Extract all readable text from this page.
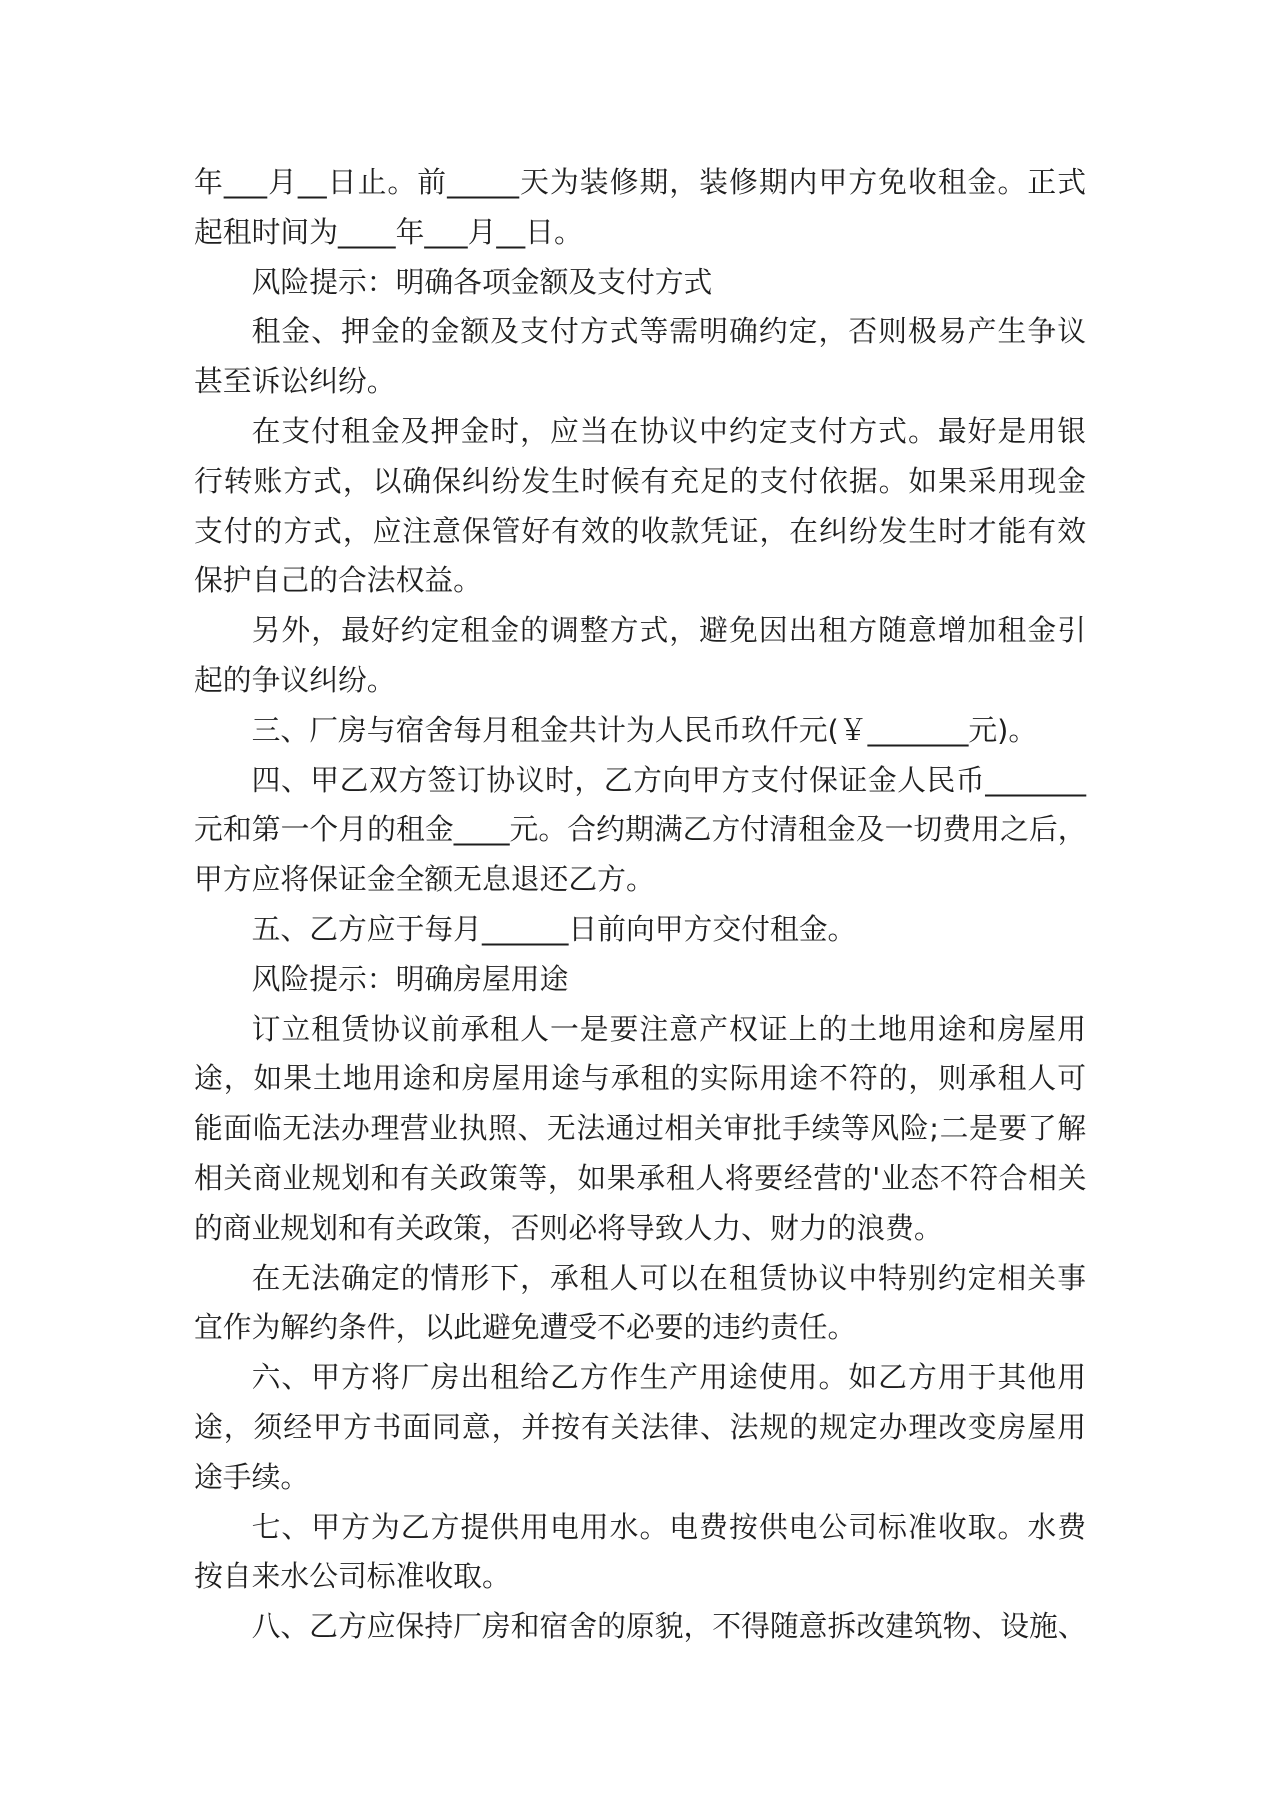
年___月__日止。前_____天为装修期，装修期内甲方免收租金。正式
起租时间为____年___月__日。
风险提示：明确各项金额及支付方式
租金、押金的金额及支付方式等需明确约定，否则极易产生争议
甚至诉讼纠纷。
在支付租金及押金时，应当在协议中约定支付方式。最好是用银
行转账方式，以确保纠纷发生时候有充足的支付依据。如果采用现金
支付的方式，应注意保管好有效的收款凭证，在纠纷发生时才能有效
保护自己的合法权益。
另外，最好约定租金的调整方式，避免因出租方随意增加租金引
起的争议纠纷。
三、厂房与宿舍每月租金共计为人民币玖仟元(￥_______元)。
四、甲乙双方签订协议时，乙方向甲方支付保证金人民币_______
元和第一个月的租金____元。合约期满乙方付清租金及一切费用之后，
甲方应将保证金全额无息退还乙方。
五、乙方应于每月______日前向甲方交付租金。
风险提示：明确房屋用途
订立租赁协议前承租人一是要注意产权证上的土地用途和房屋用
途，如果土地用途和房屋用途与承租的实际用途不符的，则承租人可
能面临无法办理营业执照、无法通过相关审批手续等风险;二是要了解
相关商业规划和有关政策等，如果承租人将要经营的'业态不符合相关
的商业规划和有关政策，否则必将导致人力、财力的浪费。
在无法确定的情形下，承租人可以在租赁协议中特别约定相关事
宜作为解约条件，以此避免遭受不必要的违约责任。
六、甲方将厂房出租给乙方作生产用途使用。如乙方用于其他用
途，须经甲方书面同意，并按有关法律、法规的规定办理改变房屋用
途手续。
七、甲方为乙方提供用电用水。电费按供电公司标准收取。水费
按自来水公司标准收取。
八、乙方应保持厂房和宿舍的原貌，不得随意拆改建筑物、设施、
